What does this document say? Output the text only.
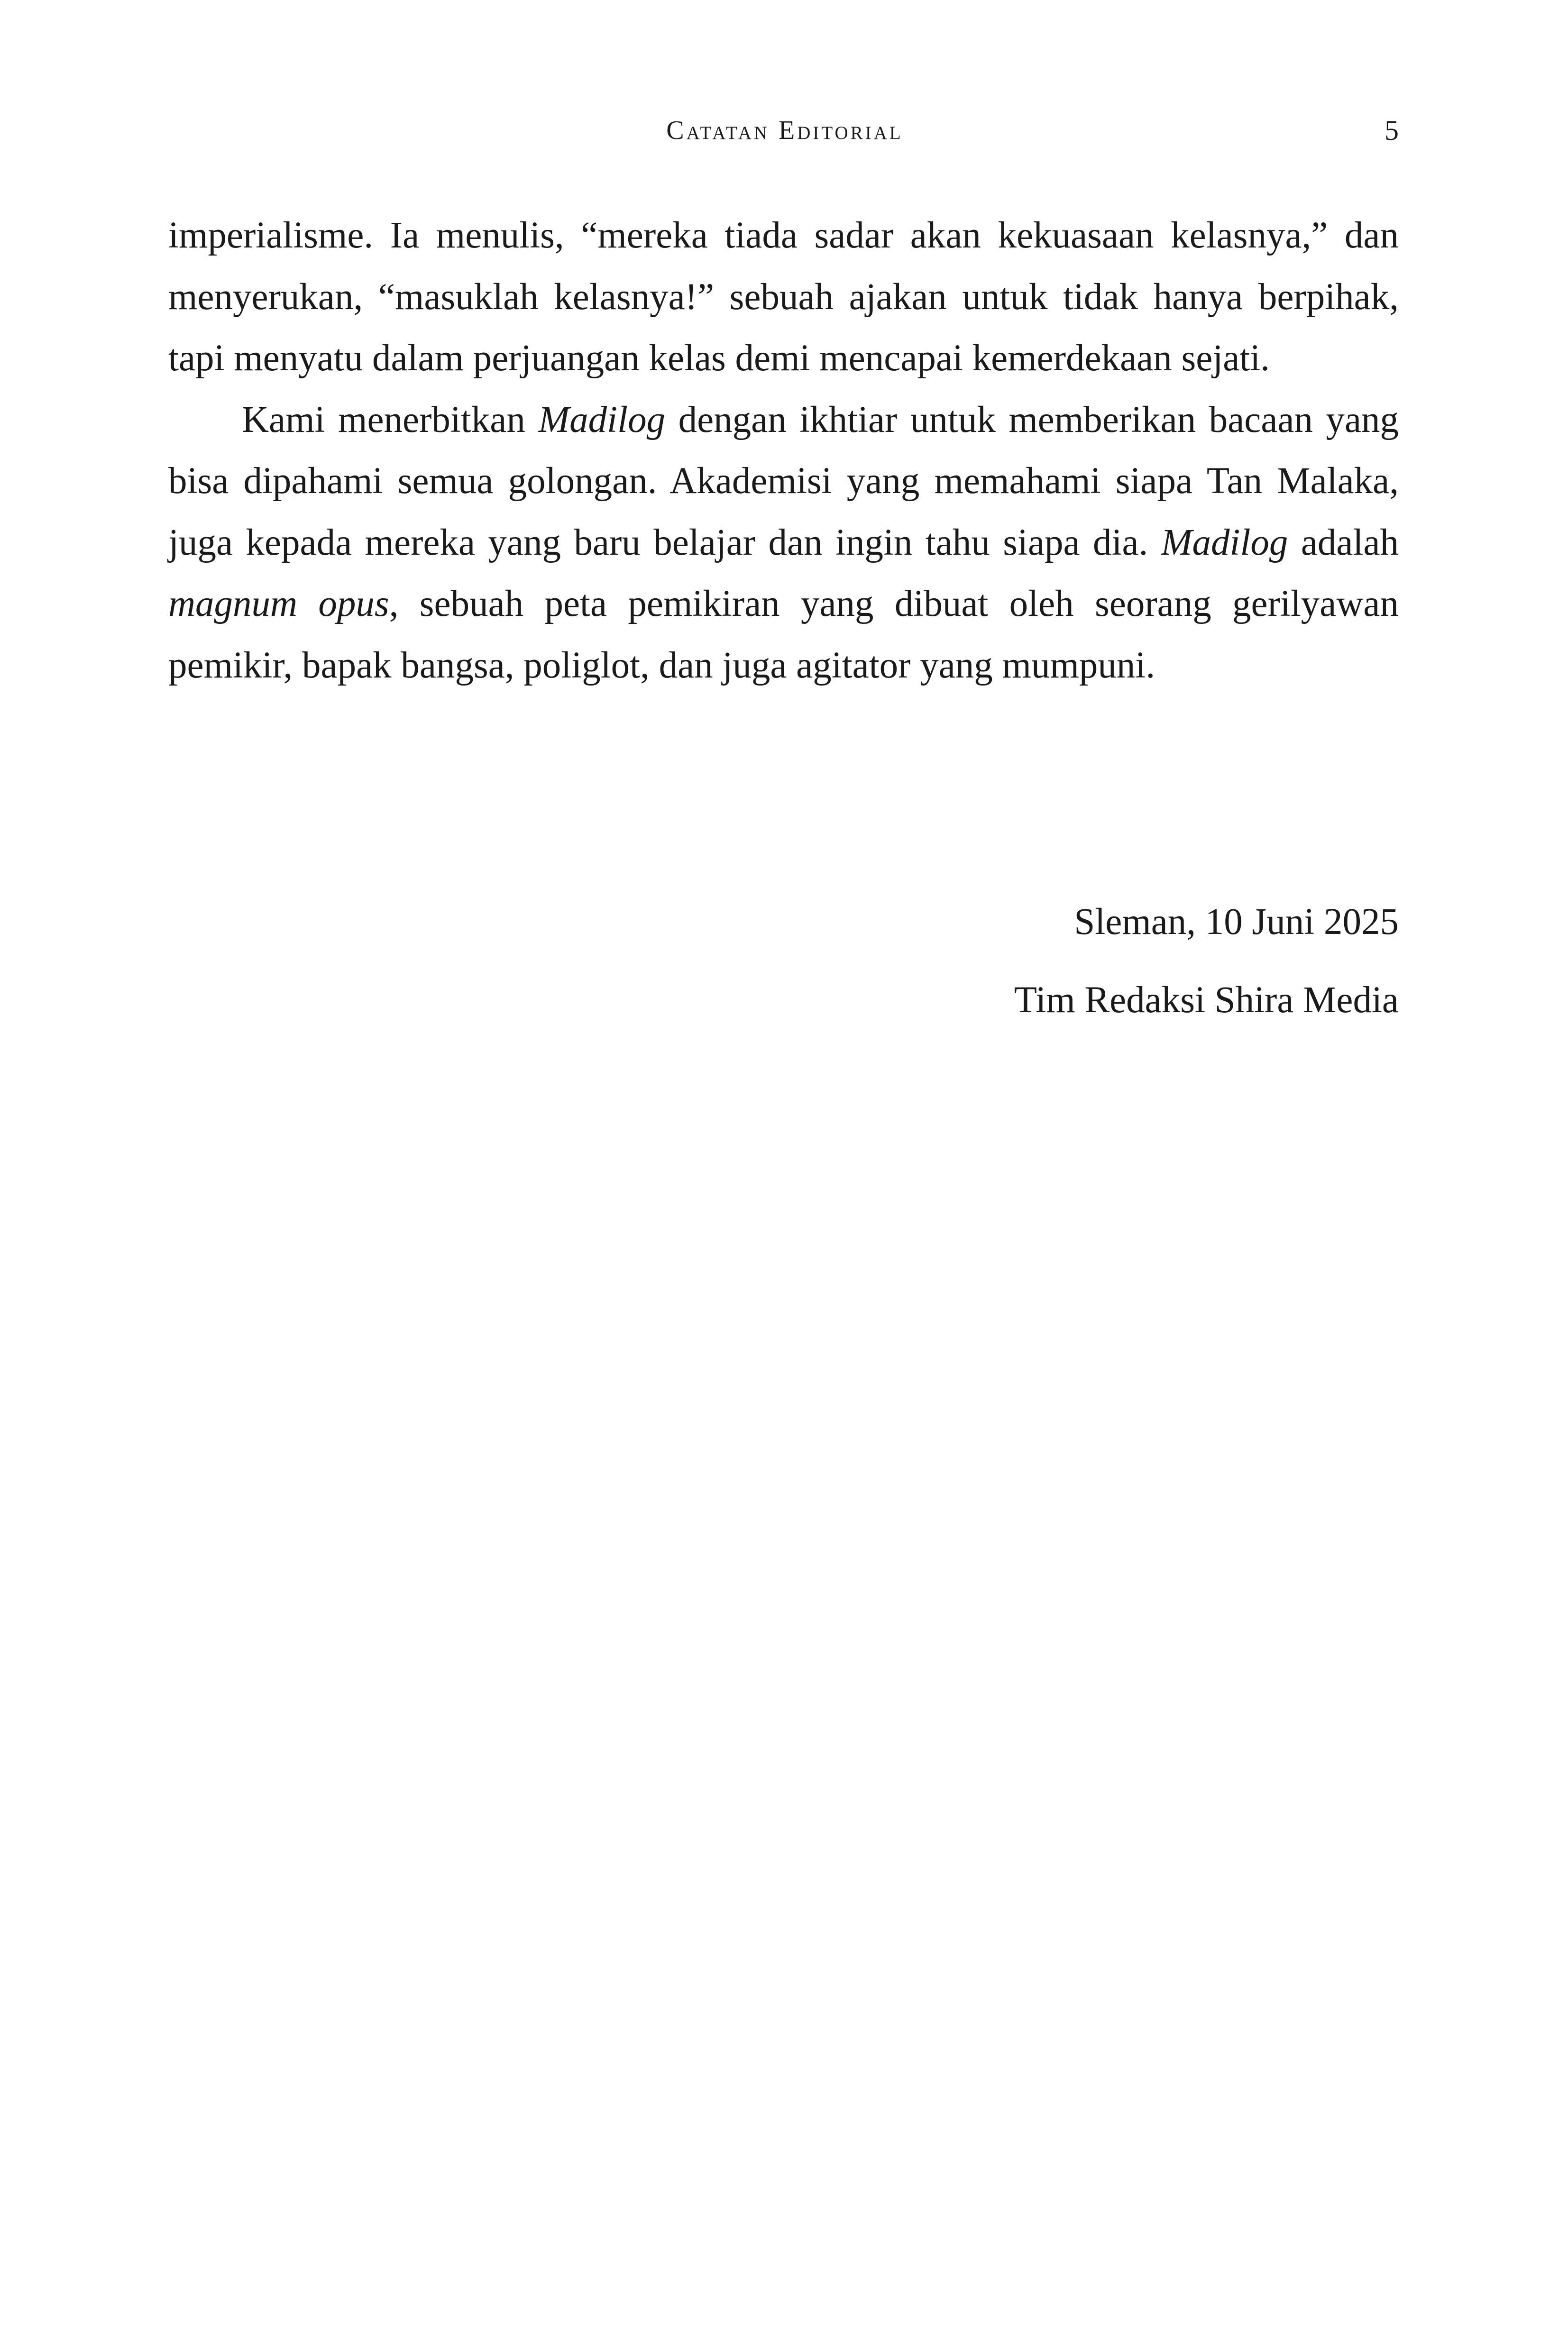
Catatan Editorial	5

imperialisme. Ia menulis, “mereka tiada sadar akan kekuasaan kelasnya,” dan menyerukan, “masuklah kelasnya!” sebuah ajakan untuk tidak hanya berpihak, tapi menyatu dalam perjuangan kelas demi mencapai kemerdekaan sejati.

Kami menerbitkan Madilog dengan ikhtiar untuk memberikan bacaan yang bisa dipahami semua golongan. Akademisi yang memahami siapa Tan Malaka, juga kepada mereka yang baru belajar dan ingin tahu siapa dia. Madilog adalah magnum opus, sebuah peta pemikiran yang dibuat oleh seorang gerilyawan pemikir, bapak bangsa, poliglot, dan juga agitator yang mumpuni.

Sleman, 10 Juni 2025
Tim Redaksi Shira Media
